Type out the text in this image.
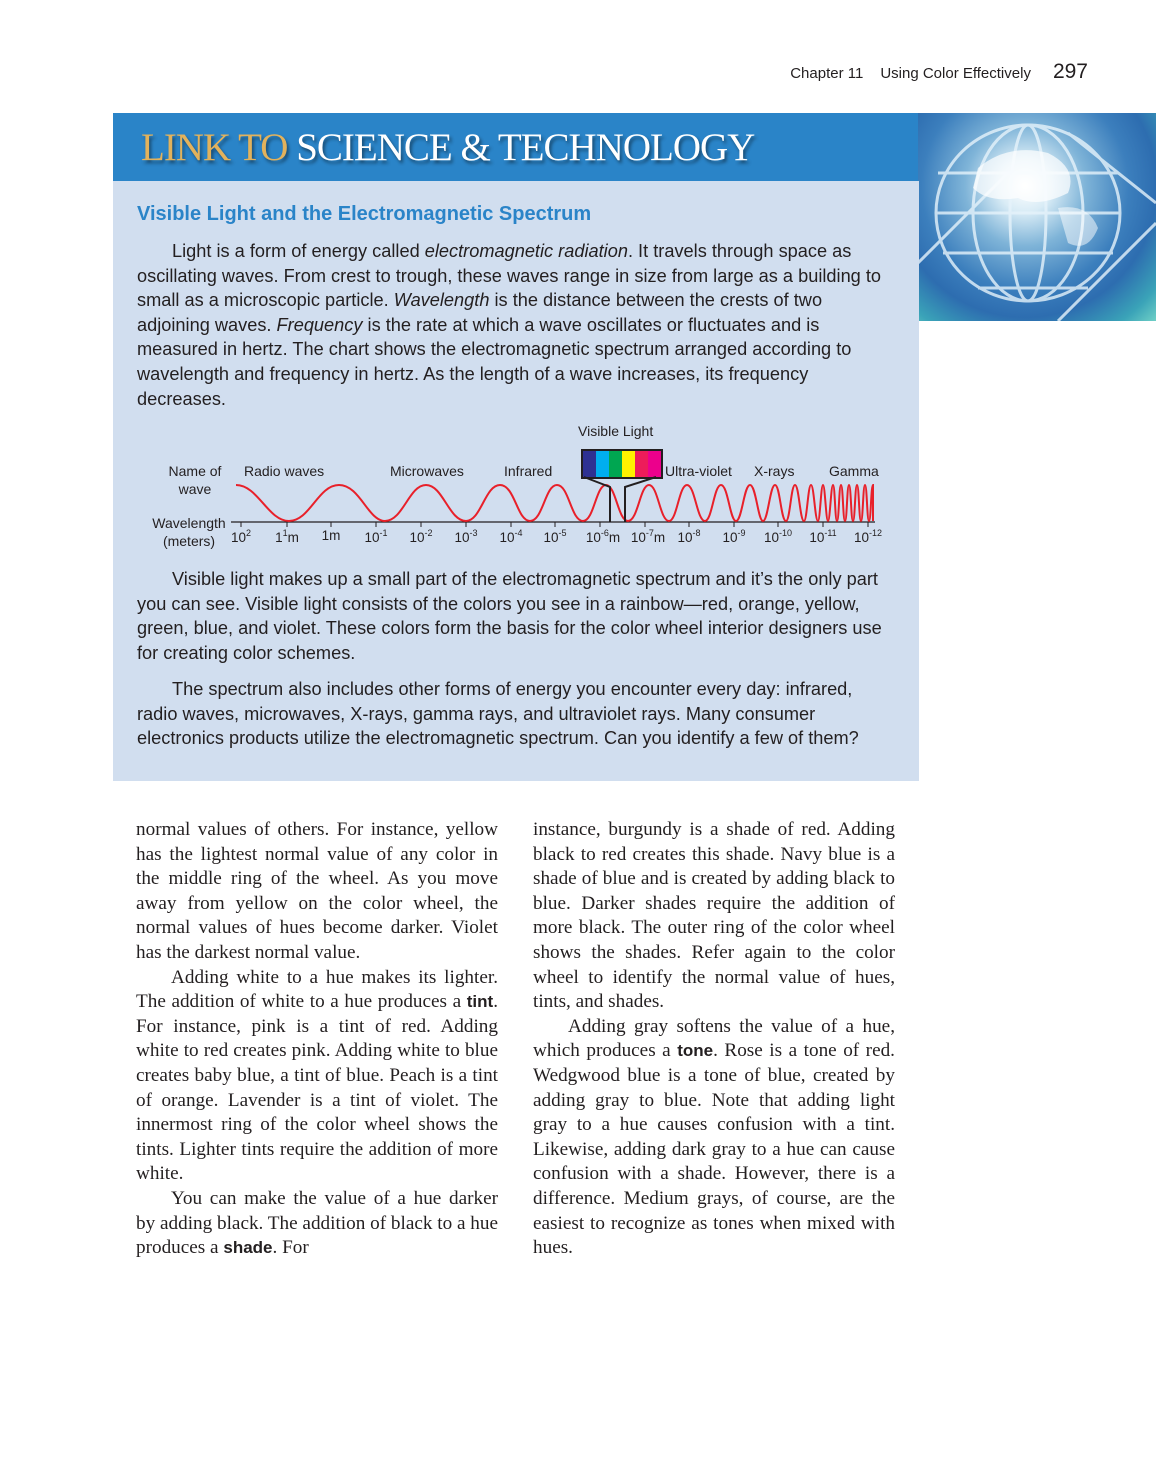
Chapter 11 Using Color Effectively 297
LINK TO SCIENCE & TECHNOLOGY
Visible Light and the Electromagnetic Spectrum

Light is a form of energy called electromagnetic radiation. It travels through space as oscillating waves. From crest to trough, these waves range in size from large as a building to small as a microscopic particle. Wavelength is the distance between the crests of two adjoining waves. Frequency is the rate at which a wave oscillates or fluctuates and is measured in hertz. The chart shows the electromagnetic spectrum arranged according to wavelength and frequency in hertz. As the length of a wave increases, its frequency decreases.

Visible Light
Name of
wave
Wavelength
(meters)
Radio waves	Microwaves	Infrared	Ultra-violet X-rays Gamma
$10^2$ $1^1m$ 1m $10^{-1}$ $10^{-2}$ $10^{-3}$ $10^{-4}$ $10^{-5}$ $10^{-6}m$ $10^{-7}m$ $10^{-8}$ $10^{-9}$ $10^{-10}$ $10^{-11}$ $10^{-12}$

Visible light makes up a small part of the electromagnetic spectrum and it’s the only part you can see. Visible light consists of the colors you see in a rainbow—red, orange, yellow, green, blue, and violet. These colors form the basis for the color wheel interior designers use for creating color schemes.

The spectrum also includes other forms of energy you encounter every day: infrared, radio waves, microwaves, X-rays, gamma rays, and ultraviolet rays. Many consumer electronics products utilize the electromagnetic spectrum. Can you identify a few of them?

normal values of others. For instance, yellow has the lightest normal value of any color in the middle ring of the wheel. As you move away from yellow on the color wheel, the normal values of hues become darker. Violet has the darkest normal value.

Adding white to a hue makes its lighter. The addition of white to a hue produces a tint. For instance, pink is a tint of red. Adding white to red creates pink. Adding white to blue creates baby blue, a tint of blue. Peach is a tint of orange. Lavender is a tint of violet. The innermost ring of the color wheel shows the tints. Lighter tints require the addition of more white.

You can make the value of a hue darker by adding black. The addition of black to a hue produces a shade. For

instance, burgundy is a shade of red. Adding black to red creates this shade. Navy blue is a shade of blue and is created by adding black to blue. Darker shades require the addition of more black. The outer ring of the color wheel shows the shades. Refer again to the color wheel to identify the normal value of hues, tints, and shades.

Adding gray softens the value of a hue, which produces a tone. Rose is a tone of red. Wedgwood blue is a tone of blue, created by adding gray to blue. Note that adding light gray to a hue causes confusion with a tint. Likewise, adding dark gray to a hue can cause confusion with a shade. However, there is a difference. Medium grays, of course, are the easiest to recognize as tones when mixed with hues.
